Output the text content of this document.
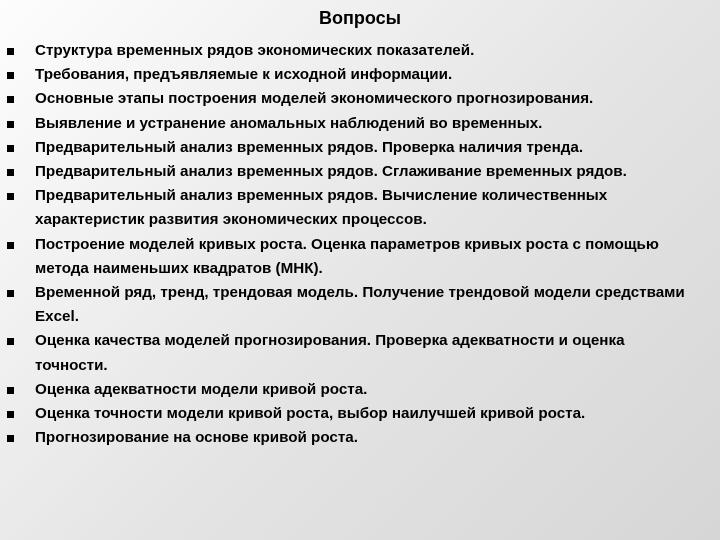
Вопросы
Структура временных рядов экономических показателей.
Требования, предъявляемые к исходной информации.
Основные этапы построения моделей экономического прогнозирования.
Выявление и устранение аномальных наблюдений во временных.
Предварительный анализ временных рядов. Проверка наличия тренда.
Предварительный анализ временных рядов. Сглаживание временных рядов.
Предварительный анализ временных рядов. Вычисление количественных характеристик развития экономических процессов.
Построение моделей кривых роста. Оценка параметров кривых роста с помощью метода наименьших квадратов (МНК).
Временной ряд, тренд, трендовая модель. Получение трендовой модели средствами Excel.
Оценка качества моделей прогнозирования. Проверка адекватности и оценка точности.
Оценка адекватности модели кривой роста.
Оценка точности модели кривой роста, выбор наилучшей кривой роста.
Прогнозирование на основе кривой роста.
